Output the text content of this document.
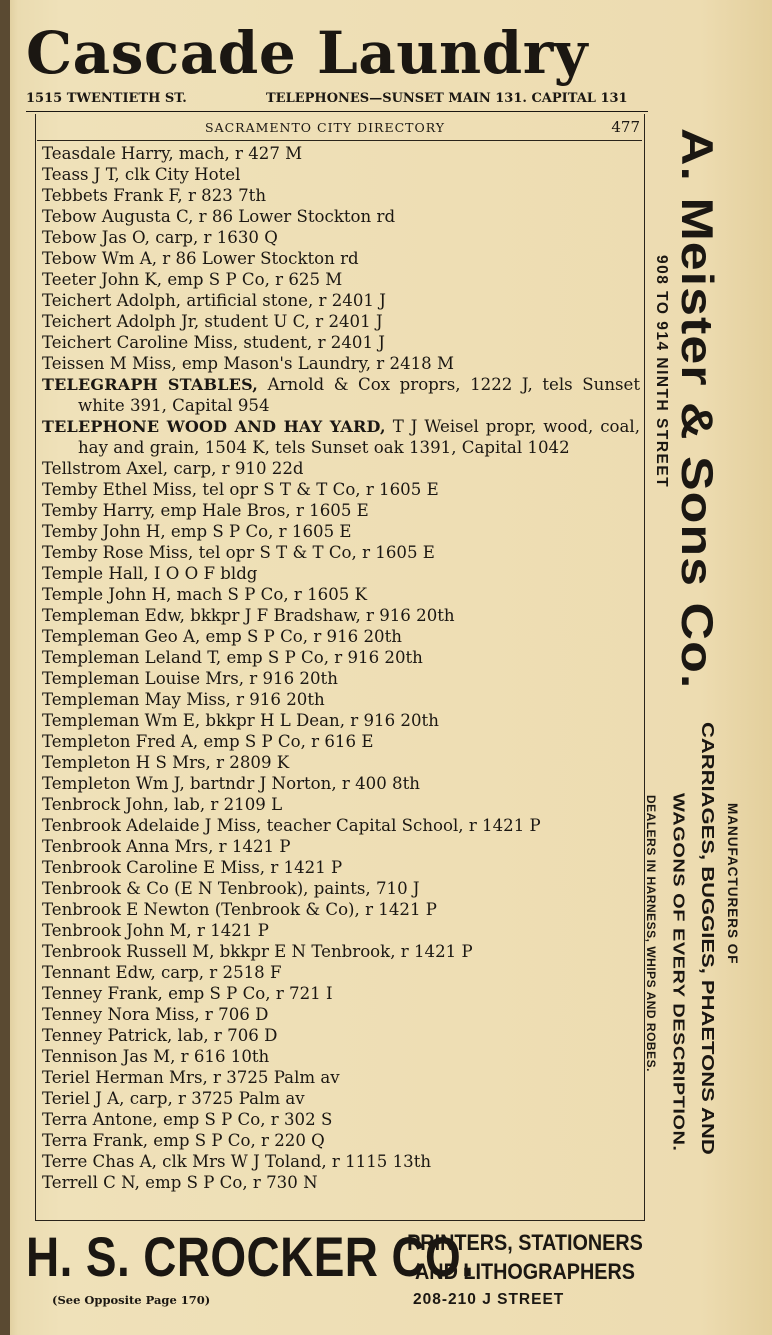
Cascade Laundry
1515 TWENTIETH ST.	TELEPHONES—SUNSET MAIN 131. CAPITAL 131
SACRAMENTO CITY DIRECTORY	477
Teasdale Harry, mach, r 427 M
Teass J T, clk City Hotel
Tebbets Frank F, r 823 7th
Tebow Augusta C, r 86 Lower Stockton rd
Tebow Jas O, carp, r 1630 Q
Tebow Wm A, r 86 Lower Stockton rd
Teeter John K, emp S P Co, r 625 M
Teichert Adolph, artificial stone, r 2401 J
Teichert Adolph Jr, student U C, r 2401 J
Teichert Caroline Miss, student, r 2401 J
Teissen M Miss, emp Mason's Laundry, r 2418 M
TELEGRAPH STABLES, Arnold & Cox proprs, 1222 J, tels Sunset white 391, Capital 954
TELEPHONE WOOD AND HAY YARD, T J Weisel propr, wood, coal, hay and grain, 1504 K, tels Sunset oak 1391, Capital 1042
Tellstrom Axel, carp, r 910 22d
Temby Ethel Miss, tel opr S T & T Co, r 1605 E
Temby Harry, emp Hale Bros, r 1605 E
Temby John H, emp S P Co, r 1605 E
Temby Rose Miss, tel opr S T & T Co, r 1605 E
Temple Hall, I O O F bldg
Temple John H, mach S P Co, r 1605 K
Templeman Edw, bkkpr J F Bradshaw, r 916 20th
Templeman Geo A, emp S P Co, r 916 20th
Templeman Leland T, emp S P Co, r 916 20th
Templeman Louise Mrs, r 916 20th
Templeman May Miss, r 916 20th
Templeman Wm E, bkkpr H L Dean, r 916 20th
Templeton Fred A, emp S P Co, r 616 E
Templeton H S Mrs, r 2809 K
Templeton Wm J, bartndr J Norton, r 400 8th
Tenbrock John, lab, r 2109 L
Tenbrook Adelaide J Miss, teacher Capital School, r 1421 P
Tenbrook Anna Mrs, r 1421 P
Tenbrook Caroline E Miss, r 1421 P
Tenbrook & Co (E N Tenbrook), paints, 710 J
Tenbrook E Newton (Tenbrook & Co), r 1421 P
Tenbrook John M, r 1421 P
Tenbrook Russell M, bkkpr E N Tenbrook, r 1421 P
Tennant Edw, carp, r 2518 F
Tenney Frank, emp S P Co, r 721 I
Tenney Nora Miss, r 706 D
Tenney Patrick, lab, r 706 D
Tennison Jas M, r 616 10th
Teriel Herman Mrs, r 3725 Palm av
Teriel J A, carp, r 3725 Palm av
Terra Antone, emp S P Co, r 302 S
Terra Frank, emp S P Co, r 220 Q
Terre Chas A, clk Mrs W J Toland, r 1115 13th
Terrell C N, emp S P Co, r 730 N
A. Meister & Sons Co.
908 TO 914 NINTH STREET
MANUFACTURERS OF
CARRIAGES, BUGGIES, PHAETONS AND
WAGONS OF EVERY DESCRIPTION.
DEALERS IN HARNESS, WHIPS AND ROBES.
H. S. CROCKER CO.
PRINTERS, STATIONERS
AND LITHOGRAPHERS
(See Opposite Page 170)	208-210 J STREET
